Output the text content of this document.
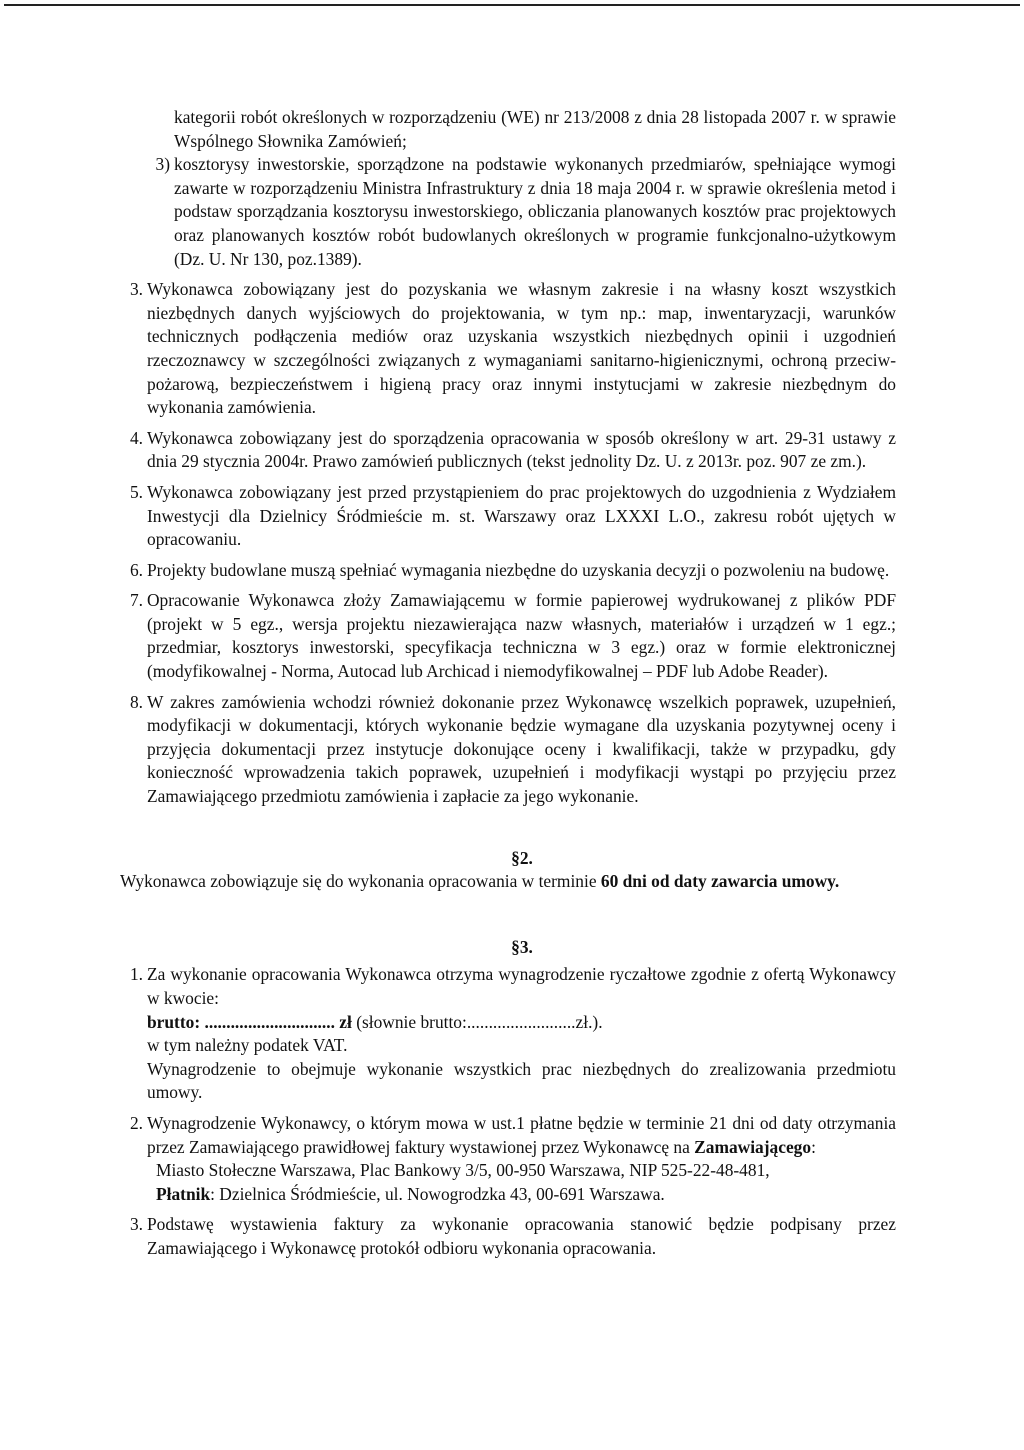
kategorii robót określonych w rozporządzeniu (WE) nr 213/2008 z dnia 28 listopada 2007 r. w sprawie Wspólnego Słownika Zamówień;
3) kosztorysy inwestorskie, sporządzone na podstawie wykonanych przedmiarów, spełniające wymogi zawarte w rozporządzeniu Ministra Infrastruktury z dnia 18 maja 2004 r. w sprawie określenia metod i podstaw sporządzania kosztorysu inwestorskiego, obliczania planowanych kosztów prac projektowych oraz planowanych kosztów robót budowlanych określonych w programie funkcjonalno-użytkowym (Dz. U. Nr 130, poz.1389).
3. Wykonawca zobowiązany jest do pozyskania we własnym zakresie i na własny koszt wszystkich niezbędnych danych wyjściowych do projektowania, w tym np.: map, inwentaryzacji, warunków technicznych podłączenia mediów oraz uzyskania wszystkich niezbędnych opinii i uzgodnień rzeczoznawcy w szczególności związanych z wymaganiami sanitarno-higienicznymi, ochroną przeciw-pożarową, bezpieczeństwem i higieną pracy oraz innymi instytucjami w zakresie niezbędnym do wykonania zamówienia.
4. Wykonawca zobowiązany jest do sporządzenia opracowania w sposób określony w art. 29-31 ustawy z dnia 29 stycznia 2004r. Prawo zamówień publicznych (tekst jednolity Dz. U. z 2013r. poz. 907 ze zm.).
5. Wykonawca zobowiązany jest przed przystąpieniem do prac projektowych do uzgodnienia z Wydziałem Inwestycji dla Dzielnicy Śródmieście m. st. Warszawy oraz LXXXI L.O., zakresu robót ujętych w opracowaniu.
6. Projekty budowlane muszą spełniać wymagania niezbędne do uzyskania decyzji o pozwoleniu na budowę.
7. Opracowanie Wykonawca złoży Zamawiającemu w formie papierowej wydrukowanej z plików PDF (projekt w 5 egz., wersja projektu niezawierająca nazw własnych, materiałów i urządzeń w 1 egz.; przedmiar, kosztorys inwestorski, specyfikacja techniczna w 3 egz.) oraz w formie elektronicznej (modyfikowalnej - Norma, Autocad lub Archicad i niemodyfikowalnej – PDF lub Adobe Reader).
8. W zakres zamówienia wchodzi również dokonanie przez Wykonawcę wszelkich poprawek, uzupełnień, modyfikacji w dokumentacji, których wykonanie będzie wymagane dla uzyskania pozytywnej oceny i przyjęcia dokumentacji przez instytucje dokonujące oceny i kwalifikacji, także w przypadku, gdy konieczność wprowadzenia takich poprawek, uzupełnień i modyfikacji wystąpi po przyjęciu przez Zamawiającego przedmiotu zamówienia i zapłacie za jego wykonanie.
§2.
Wykonawca zobowiązuje się do wykonania opracowania w terminie 60 dni od daty zawarcia umowy.
§3.
1. Za wykonanie opracowania Wykonawca otrzyma wynagrodzenie ryczałtowe zgodnie z ofertą Wykonawcy w kwocie:
brutto: .............................. zł (słownie brutto:.........................zł.).
w tym należny podatek VAT.
Wynagrodzenie to obejmuje wykonanie wszystkich prac niezbędnych do zrealizowania przedmiotu umowy.
2. Wynagrodzenie Wykonawcy, o którym mowa w ust.1 płatne będzie w terminie 21 dni od daty otrzymania przez Zamawiającego prawidłowej faktury wystawionej przez Wykonawcę na Zamawiającego:
Miasto Stołeczne Warszawa, Plac Bankowy 3/5, 00-950 Warszawa, NIP 525-22-48-481,
Płatnik: Dzielnica Śródmieście, ul. Nowogrodzka 43, 00-691 Warszawa.
3. Podstawę wystawienia faktury za wykonanie opracowania stanowić będzie podpisany przez Zamawiającego i Wykonawcę protokół odbioru wykonania opracowania.
